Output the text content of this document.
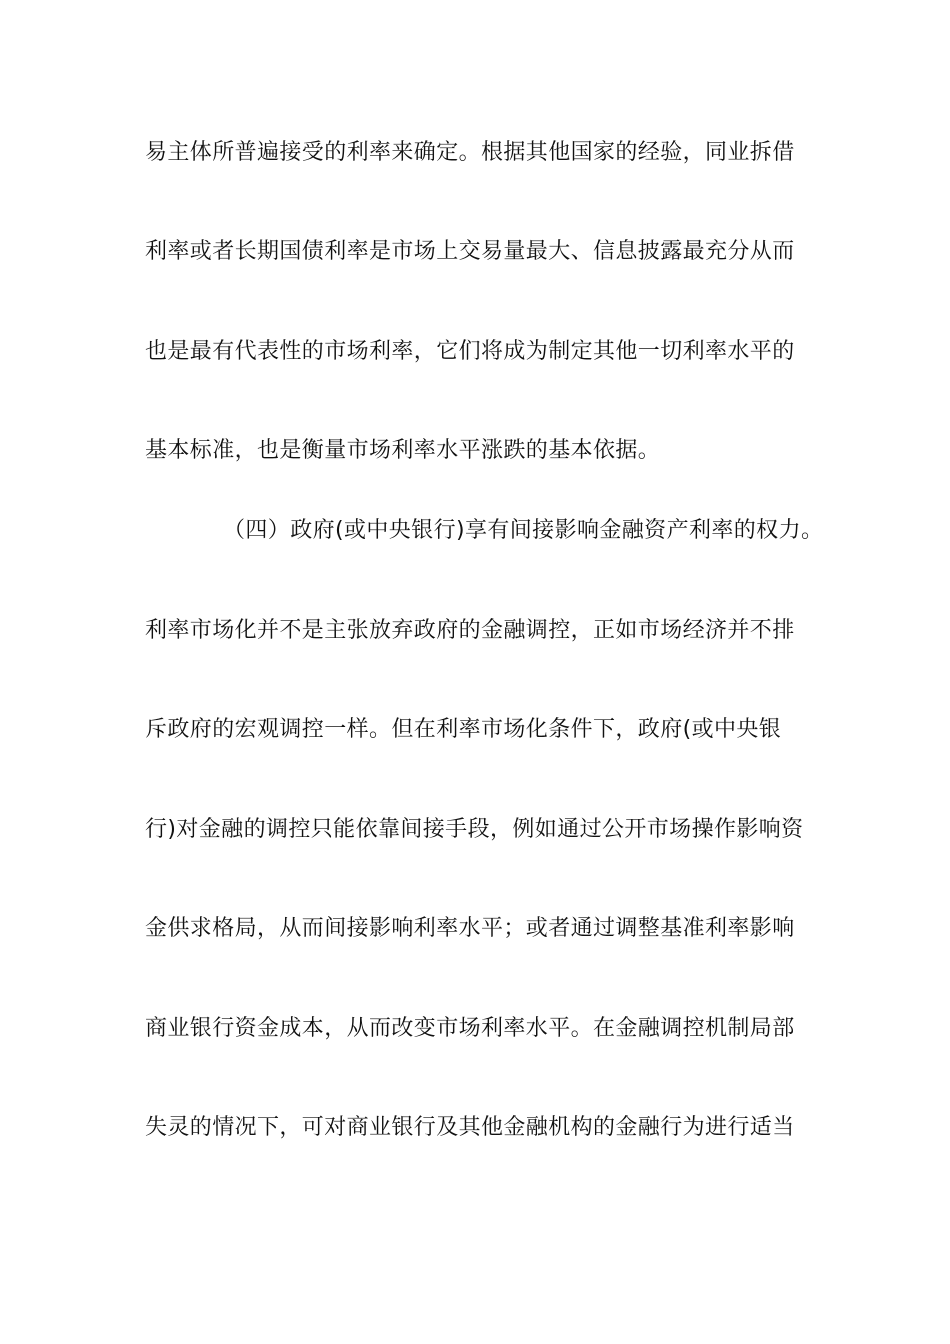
易主体所普遍接受的利率来确定。根据其他国家的经验，同业拆借
利率或者长期国债利率是市场上交易量最大、信息披露最充分从而
也是最有代表性的市场利率，它们将成为制定其他一切利率水平的
基本标准，也是衡量市场利率水平涨跌的基本依据。
（四）政府(或中央银行)享有间接影响金融资产利率的权力。
利率市场化并不是主张放弃政府的金融调控，正如市场经济并不排
斥政府的宏观调控一样。但在利率市场化条件下，政府(或中央银
行)对金融的调控只能依靠间接手段，例如通过公开市场操作影响资
金供求格局，从而间接影响利率水平；或者通过调整基准利率影响
商业银行资金成本，从而改变市场利率水平。在金融调控机制局部
失灵的情况下，可对商业银行及其他金融机构的金融行为进行适当
